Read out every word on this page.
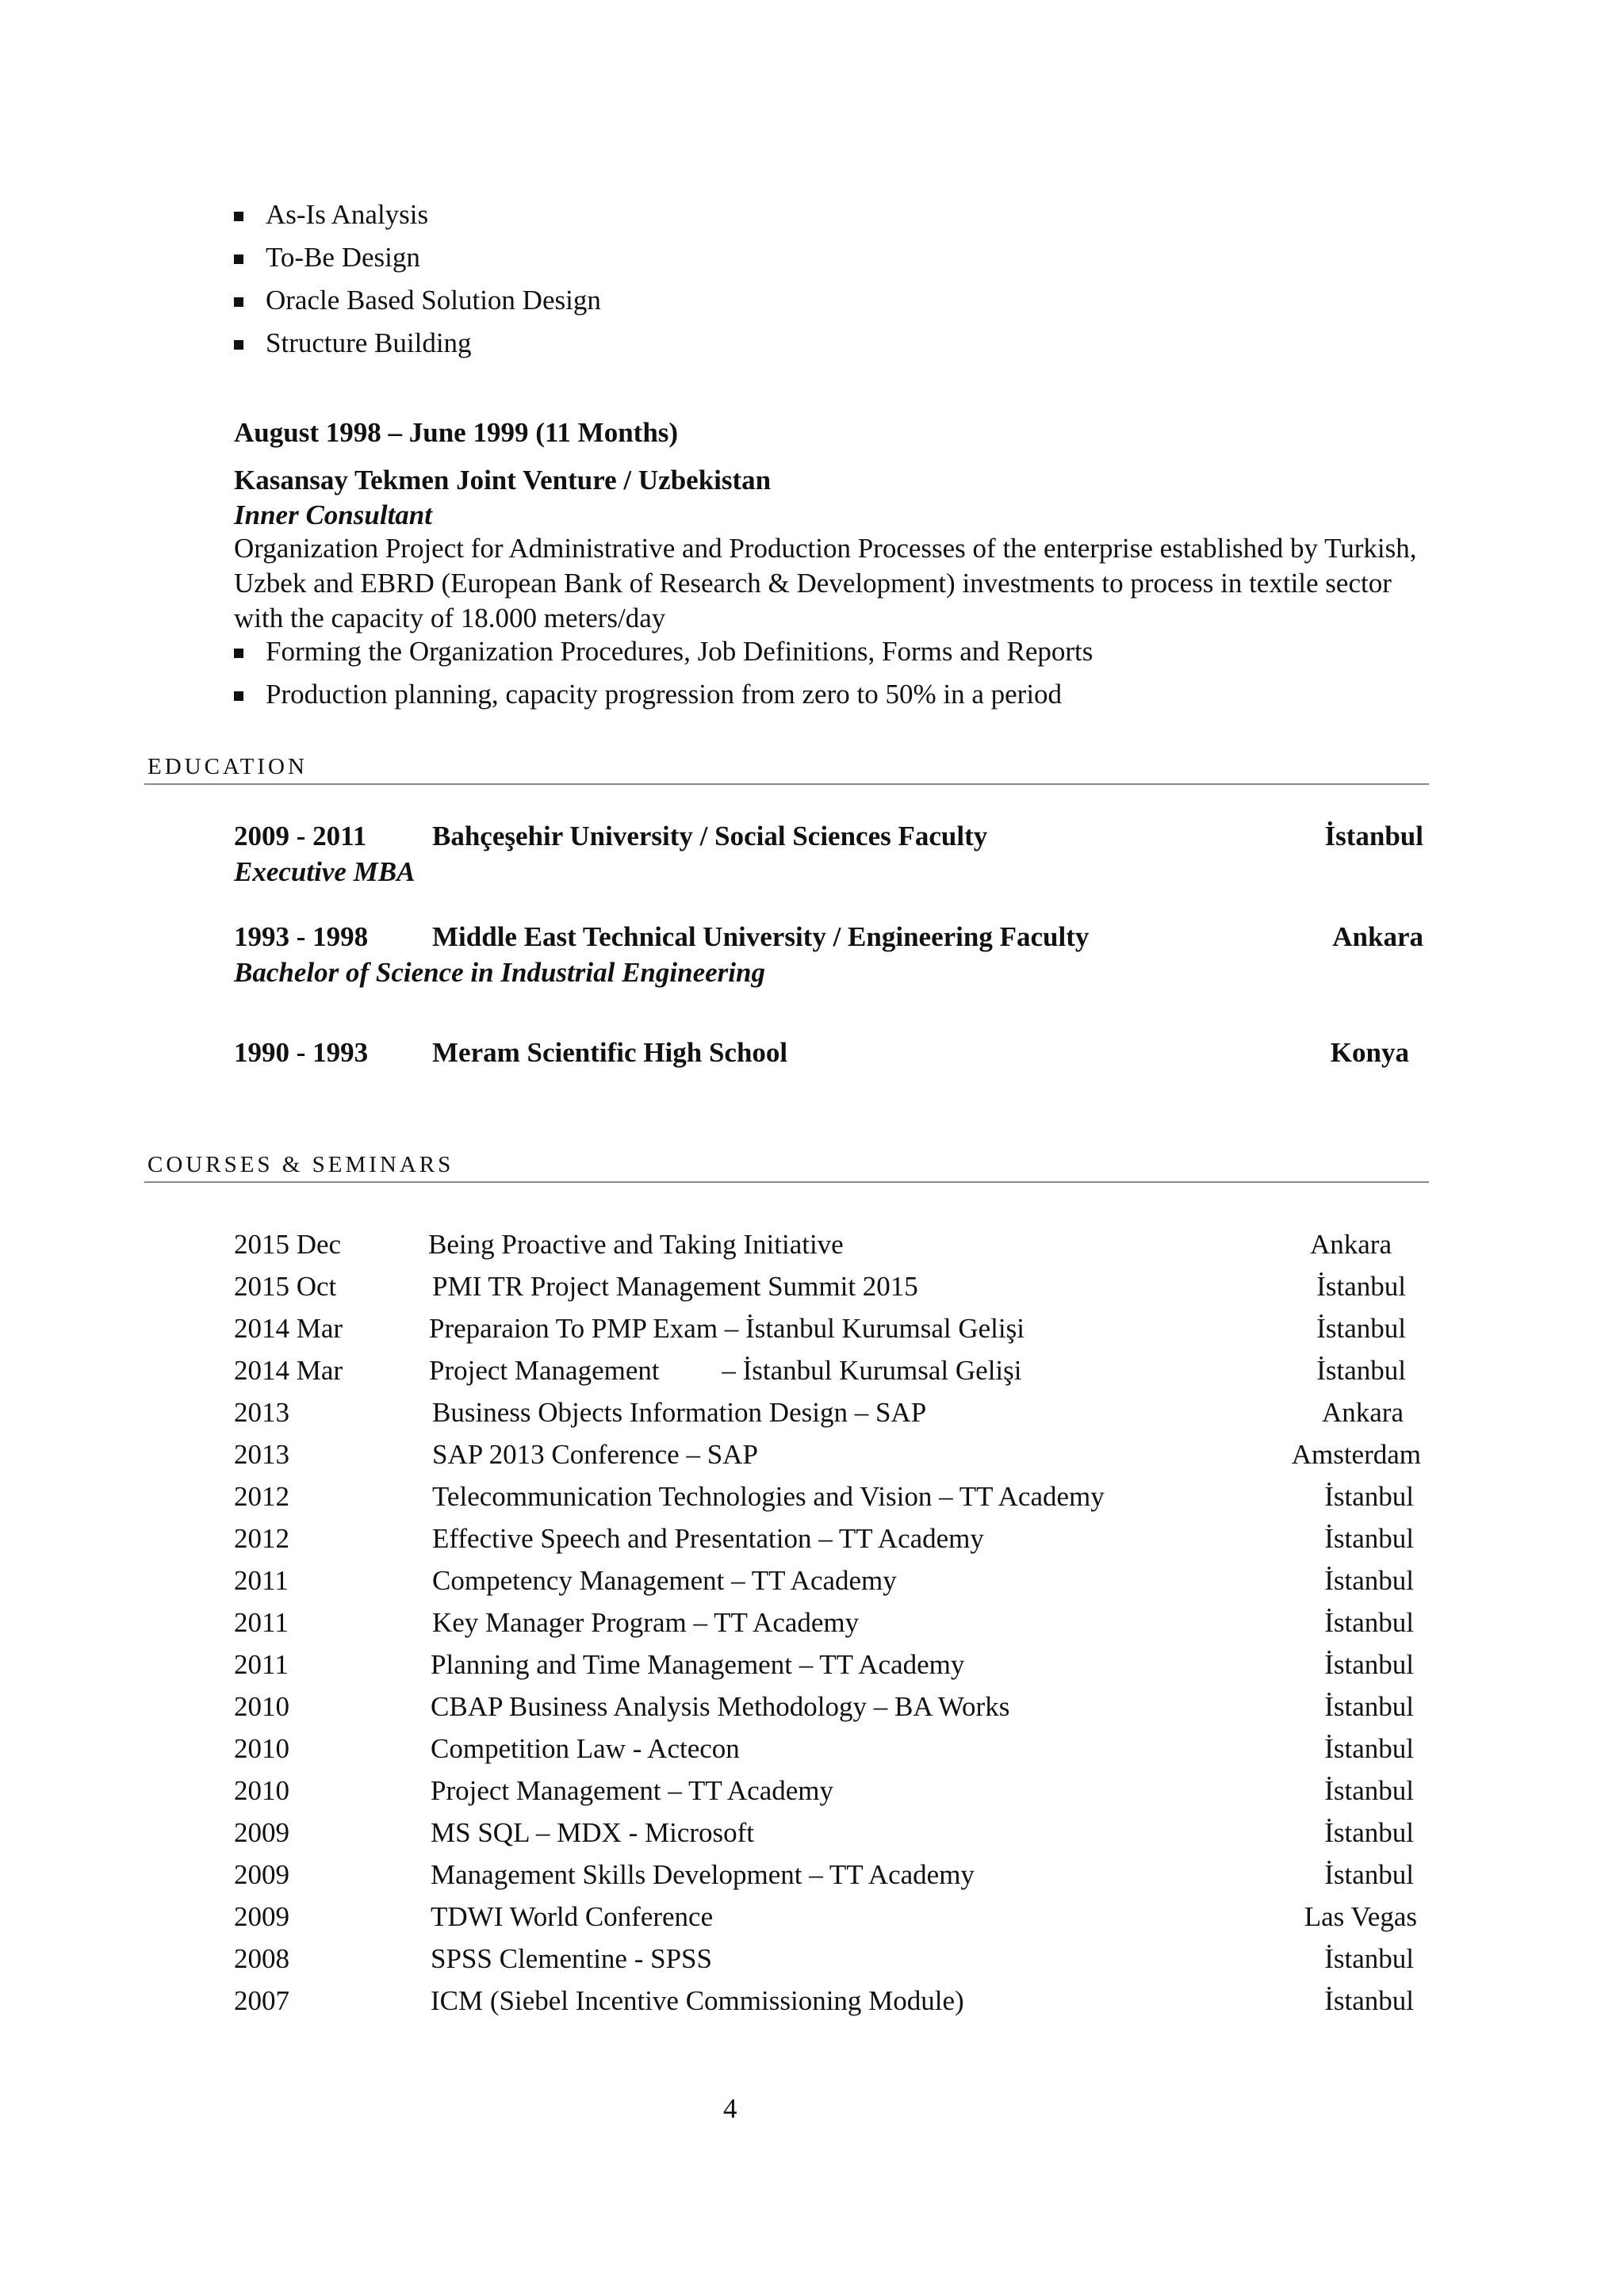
As-Is Analysis
To-Be Design
Oracle Based Solution Design
Structure Building
August 1998 – June 1999 (11 Months)
Kasansay Tekmen Joint Venture / Uzbekistan
Inner Consultant
Organization Project for Administrative and Production Processes of the enterprise established by Turkish, Uzbek and EBRD (European Bank of Research & Development) investments to process in textile sector with the capacity of 18.000 meters/day
Forming the Organization Procedures, Job Definitions, Forms and Reports
Production planning, capacity progression from zero to 50% in a period
EDUCATION
2009 - 2011 Bahçeşehir University / Social Sciences Faculty	İstanbul
Executive MBA
1993 - 1998 Middle East Technical University / Engineering Faculty	Ankara
Bachelor of Science in Industrial Engineering
1990 - 1993 Meram Scientific High School	Konya
COURSES & SEMINARS
2015 Dec	Being Proactive and Taking Initiative	Ankara
2015 Oct	PMI TR Project Management Summit 2015	İstanbul
2014 Mar	Preparaion To PMP Exam – İstanbul Kurumsal Gelişi	İstanbul
2014 Mar	Project Management         – İstanbul Kurumsal Gelişi	İstanbul
2013	Business Objects Information Design – SAP	Ankara
2013	SAP 2013 Conference – SAP	Amsterdam
2012	Telecommunication Technologies and Vision – TT Academy	İstanbul
2012	Effective Speech and Presentation – TT Academy	İstanbul
2011	Competency Management – TT Academy	İstanbul
2011	Key Manager Program – TT Academy	İstanbul
2011	Planning and Time Management – TT Academy	İstanbul
2010	CBAP Business Analysis Methodology – BA Works	İstanbul
2010	Competition Law - Actecon	İstanbul
2010	Project Management – TT Academy	İstanbul
2009	MS SQL – MDX - Microsoft	İstanbul
2009	Management Skills Development – TT Academy	İstanbul
2009	TDWI World Conference	Las Vegas
2008	SPSS Clementine - SPSS	İstanbul
2007	ICM (Siebel Incentive Commissioning Module)	İstanbul
4
